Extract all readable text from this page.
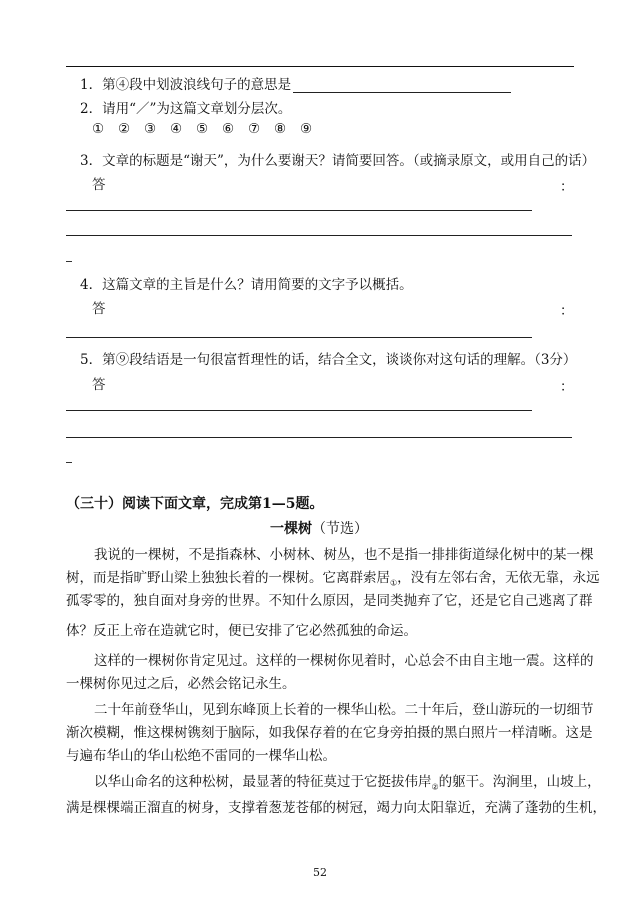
1．第④段中划波浪线句子的意思是
2．请用“／”为这篇文章划分层次。
① ② ③ ④ ⑤ ⑥ ⑦ ⑧ ⑨
3．文章的标题是“谢天”，为什么要谢天？请简要回答。（或摘录原文，或用自己的话）
答	：
4．这篇文章的主旨是什么？请用简要的文字予以概括。
答	：
5．第⑨段结语是一句很富哲理性的话，结合全文，谈谈你对这句话的理解。（3分）
答	：
（三十）阅读下面文章，完成第1—5题。
一棵树（节选）
我说的一棵树，不是指森林、小树林、树丛，也不是指一排排街道绿化树中的某一棵
树，而是指旷野山梁上独独长着的一棵树。它离群索居$_①$，没有左邻右舍，无依无靠，永远
孤零零的，独自面对身旁的世界。不知什么原因，是同类抛弃了它，还是它自己逃离了群
体？反正上帝在造就它时，便已安排了它必然孤独的命运。
这样的一棵树你肯定见过。这样的一棵树你见着时，心总会不由自主地一震。这样的
一棵树你见过之后，必然会铭记永生。
二十年前登华山，见到东峰顶上长着的一棵华山松。二十年后，登山游玩的一切细节
渐次模糊，惟这棵树镌刻于脑际，如我保存着的在它身旁拍摄的黑白照片一样清晰。这是
与遍布华山的华山松绝不雷同的一棵华山松。
以华山命名的这种松树，最显著的特征莫过于它挺拔伟岸$_②$的躯干。沟涧里，山坡上，
满是棵棵端正溜直的树身，支撑着葱茏苍郁的树冠，竭力向太阳靠近，充满了蓬勃的生机，
52
